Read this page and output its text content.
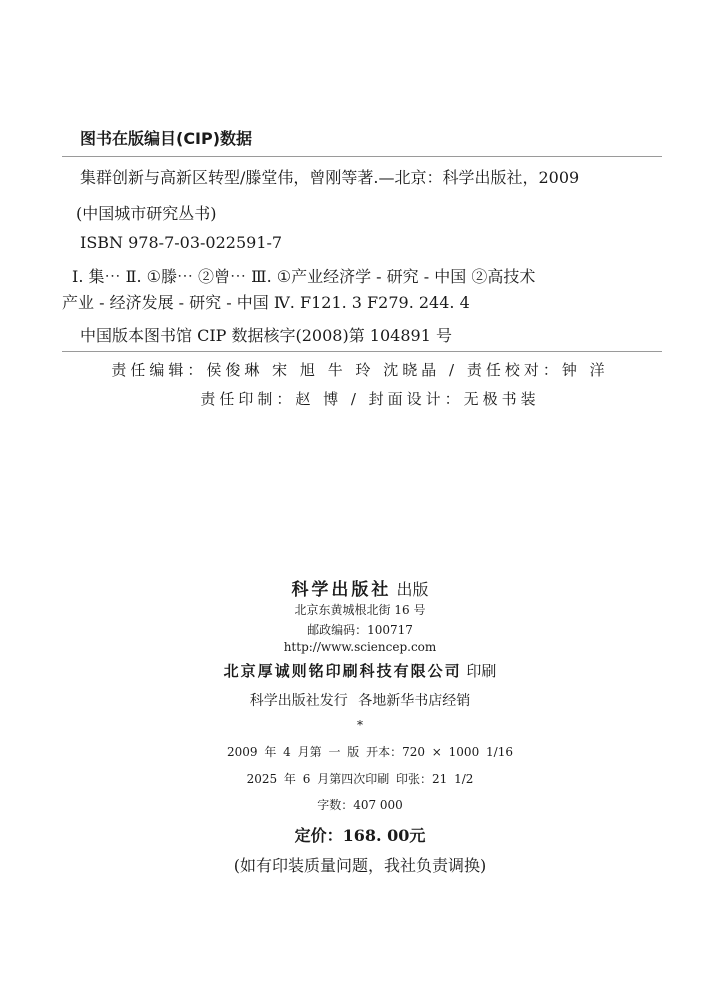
图书在版编目(CIP)数据
集群创新与高新区转型/滕堂伟，曾刚等著.—北京：科学出版社，2009
(中国城市研究丛书)
ISBN 978-7-03-022591-7
Ⅰ. 集⋯ Ⅱ. ①滕⋯ ②曾⋯ Ⅲ. ①产业经济学 - 研究 - 中国 ②高技术
产业 - 经济发展 - 研究 - 中国 Ⅳ. F121. 3 F279. 244. 4
中国版本图书馆 CIP 数据核字(2008)第 104891 号
责任编辑：侯俊琳 宋 旭 牛 玲 沈晓晶 / 责任校对：钟 洋
责任印制：赵 博 / 封面设计：无极书装
科学出版社 出版
北京东黄城根北街 16 号
邮政编码：100717
http://www.sciencep.com
北京厚诚则铭印刷科技有限公司 印刷
科学出版社发行 各地新华书店经销
*
2009 年 4 月第 一 版 开本：720 × 1000 1/16
2025 年 6 月第四次印刷 印张：21 1/2
字数：407 000
定价：168. 00元
(如有印装质量问题，我社负责调换)
